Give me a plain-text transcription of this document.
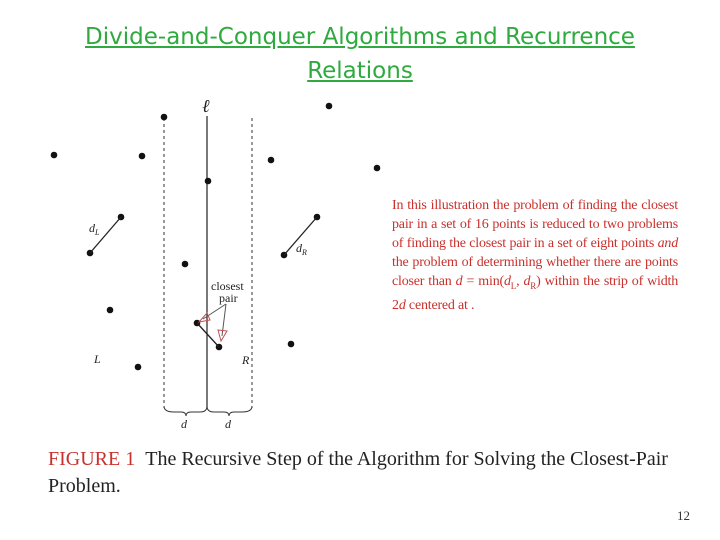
Divide-and-Conquer Algorithms and Recurrence
Relations
ℓ
d	d
$d_L$
$d_R$
closest
pair
L	R
In this illustration the problem of finding the closest pair in a set of 16 points is reduced to two problems of finding the closest pair in a set of eight points and the problem of determining whether there are points closer than $d = \min(d_L$, $d_R$) within the strip of width 2d centered at .
FIGURE 1 The Recursive Step of the Algorithm for Solving the Closest-Pair Problem.
12
